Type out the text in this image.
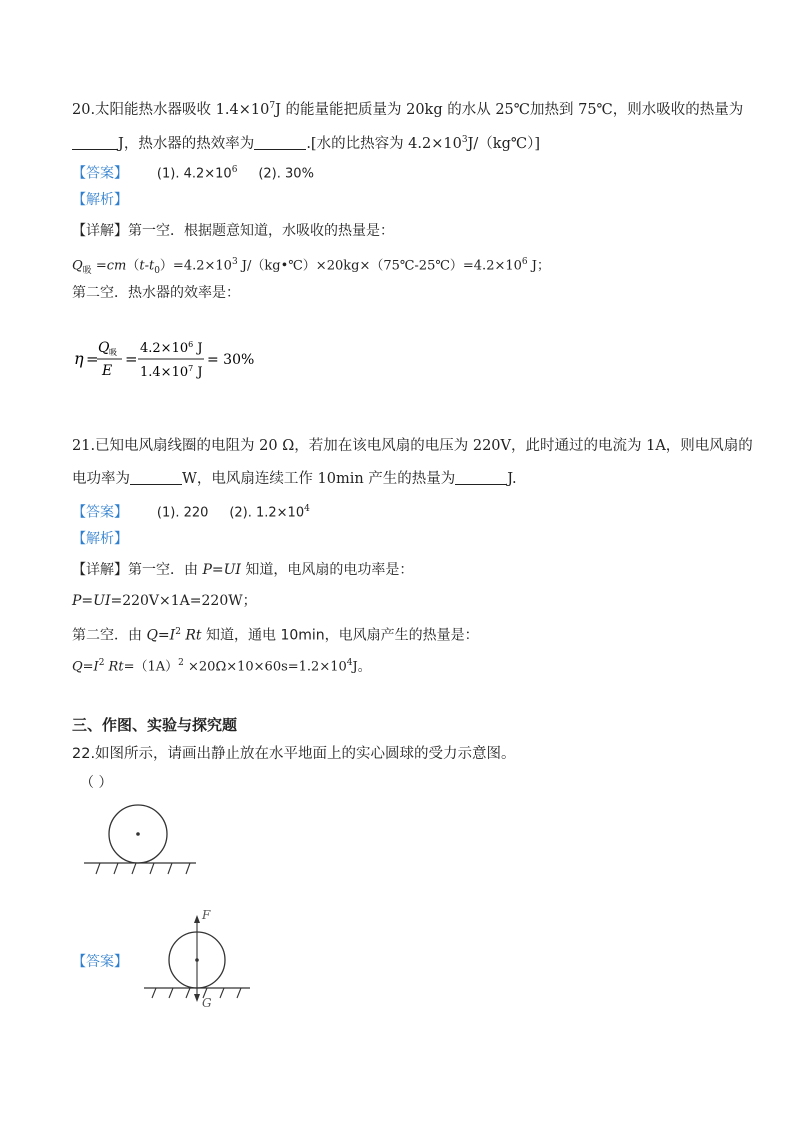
20.太阳能热水器吸收 $1.4\times 10^7J$ 的能量能把质量为 20kg 的水从 25℃加热到 75℃，则水吸收的热量为
J，热水器的热效率为	.[水的比热容为 $4.2\times 10^3J/(kg℃)$]
【答案】 (1). $4.2\times 10^6$ (2). 30%
【解析】
【详解】第一空．根据题意知道，水吸收的热量是：
$Q_吸 =cm(t-t_0)=4.2\times 10^3$ $J/(kg•℃)\times 20kg\times(75℃-25℃)=4.2\times 10^6$ J；
第二空．热水器的效率是：
η =
Q 吸
E
=
$4.2\times 10^6$ J
$1.4\times 10^7$ J
= 30%
21.已知电风扇线圈的电阻为 20 Ω，若加在该电风扇的电压为 220V，此时通过的电流为 1A，则电风扇的
电功率为	W，电风扇连续工作 10min 产生的热量为	J.
【答案】 (1). 220 (2). $1.2\times 10^4$
【解析】
【详解】第一空．由 P=UI 知道，电风扇的电功率是：
P=UI=220V×1A=220W；
第二空．由 $Q=I^2$ Rt 知道，通电 10min，电风扇产生的热量是：
$Q=I^2$ $Rt=(1A)^2 \times 20\Omega\times 10\times 60s=1.2\times 10^4J$。
三、作图、实验与探究题
22.如图所示，请画出静止放在水平地面上的实心圆球的受力示意图。
（ ）
【答案】
F
G
